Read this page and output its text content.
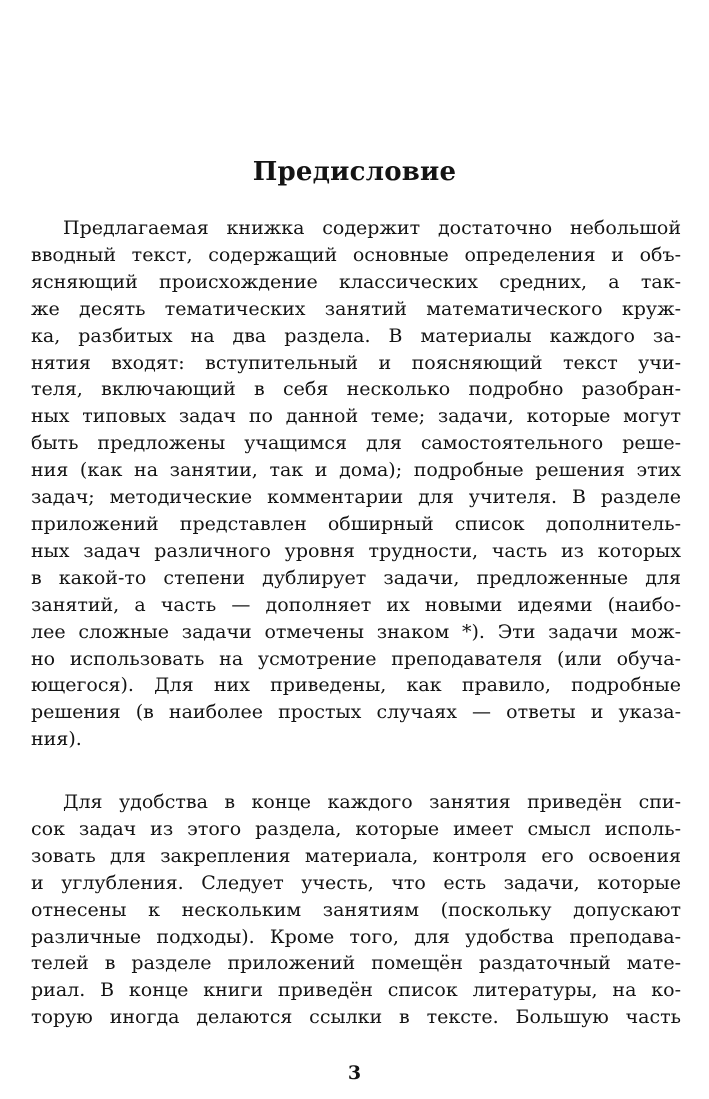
Предисловие
Предлагаемая книжка содержит достаточно небольшой
вводный текст, содержащий основные определения и объ-
ясняющий происхождение классических средних, а так-
же десять тематических занятий математического круж-
ка, разбитых на два раздела. В материалы каждого за-
нятия входят: вступительный и поясняющий текст учи-
теля, включающий в себя несколько подробно разобран-
ных типовых задач по данной теме; задачи, которые могут
быть предложены учащимся для самостоятельного реше-
ния (как на занятии, так и дома); подробные решения этих
задач; методические комментарии для учителя. В разделе
приложений представлен обширный список дополнитель-
ных задач различного уровня трудности, часть из которых
в какой-то степени дублирует задачи, предложенные для
занятий, а часть — дополняет их новыми идеями (наибо-
лее сложные задачи отмечены знаком *). Эти задачи мож-
но использовать на усмотрение преподавателя (или обуча-
ющегося). Для них приведены, как правило, подробные
решения (в наиболее простых случаях — ответы и указа-
ния).
Для удобства в конце каждого занятия приведён спи-
сок задач из этого раздела, которые имеет смысл исполь-
зовать для закрепления материала, контроля его освоения
и углубления. Следует учесть, что есть задачи, которые
отнесены к нескольким занятиям (поскольку допускают
различные подходы). Кроме того, для удобства преподава-
телей в разделе приложений помещён раздаточный мате-
риал. В конце книги приведён список литературы, на ко-
торую иногда делаются ссылки в тексте. Большую часть
3
